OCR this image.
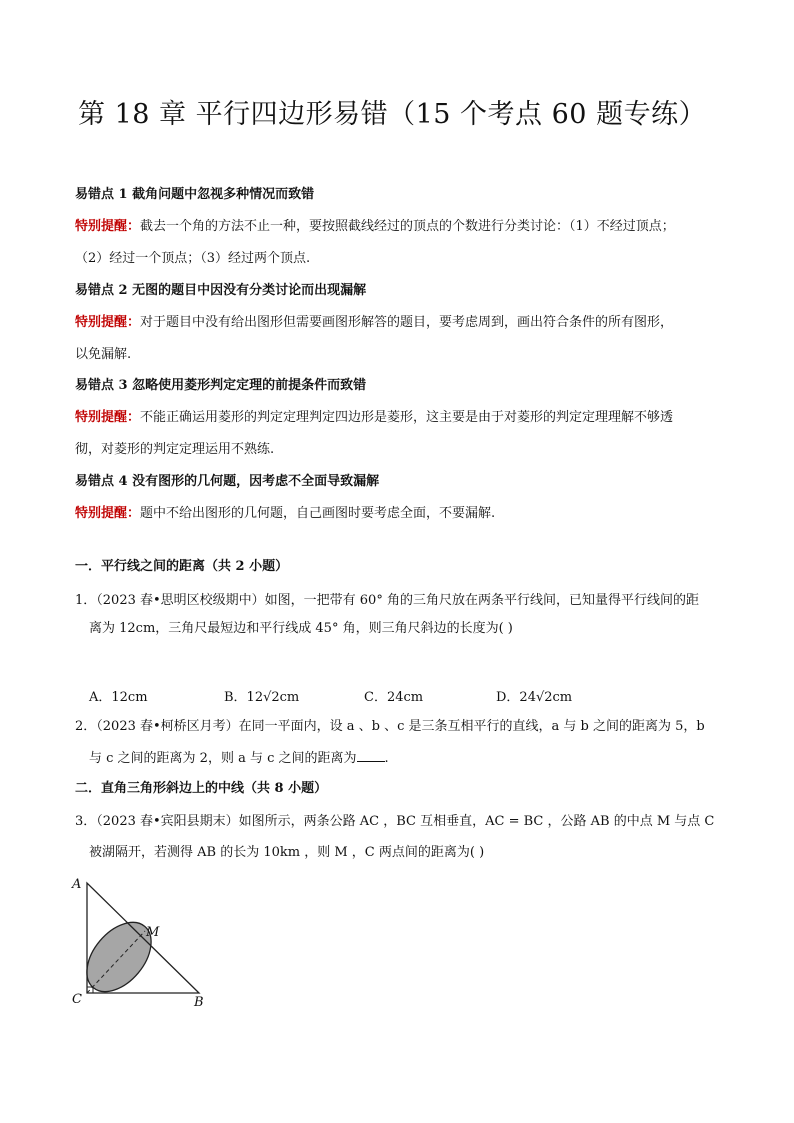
第 18 章 平行四边形易错（15 个考点 60 题专练）
易错点 1 截角问题中忽视多种情况而致错
特别提醒：截去一个角的方法不止一种，要按照截线经过的顶点的个数进行分类讨论：（1）不经过顶点；
（2）经过一个顶点；（3）经过两个顶点.
易错点 2 无图的题目中因没有分类讨论而出现漏解
特别提醒：对于题目中没有给出图形但需要画图形解答的题目，要考虑周到，画出符合条件的所有图形，
以免漏解.
易错点 3 忽略使用菱形判定定理的前提条件而致错
特别提醒：不能正确运用菱形的判定定理判定四边形是菱形，这主要是由于对菱形的判定定理理解不够透
彻，对菱形的判定定理运用不熟练.
易错点 4 没有图形的几何题，因考虑不全面导致漏解
特别提醒：题中不给出图形的几何题，自己画图时要考虑全面，不要漏解.
一．平行线之间的距离（共 2 小题）
1．（2023 春•思明区校级期中）如图，一把带有 60° 角的三角尺放在两条平行线间，已知量得平行线间的距
离为 12cm，三角尺最短边和平行线成 45° 角，则三角尺斜边的长度为( )
A．12cm	B．12√2cm	C．24cm	D．24√2cm
2．（2023 春•柯桥区月考）在同一平面内，设 a 、b 、c 是三条互相平行的直线，a 与 b 之间的距离为 5，b
与 c 之间的距离为 2，则 a 与 c 之间的距离为 .
二．直角三角形斜边上的中线（共 8 小题）
3．（2023 春•宾阳县期末）如图所示，两条公路 AC ，BC 互相垂直，AC = BC ，公路 AB 的中点 M 与点 C
被湖隔开，若测得 AB 的长为 10km ，则 M ，C 两点间的距离为( )
A
M
C	B
